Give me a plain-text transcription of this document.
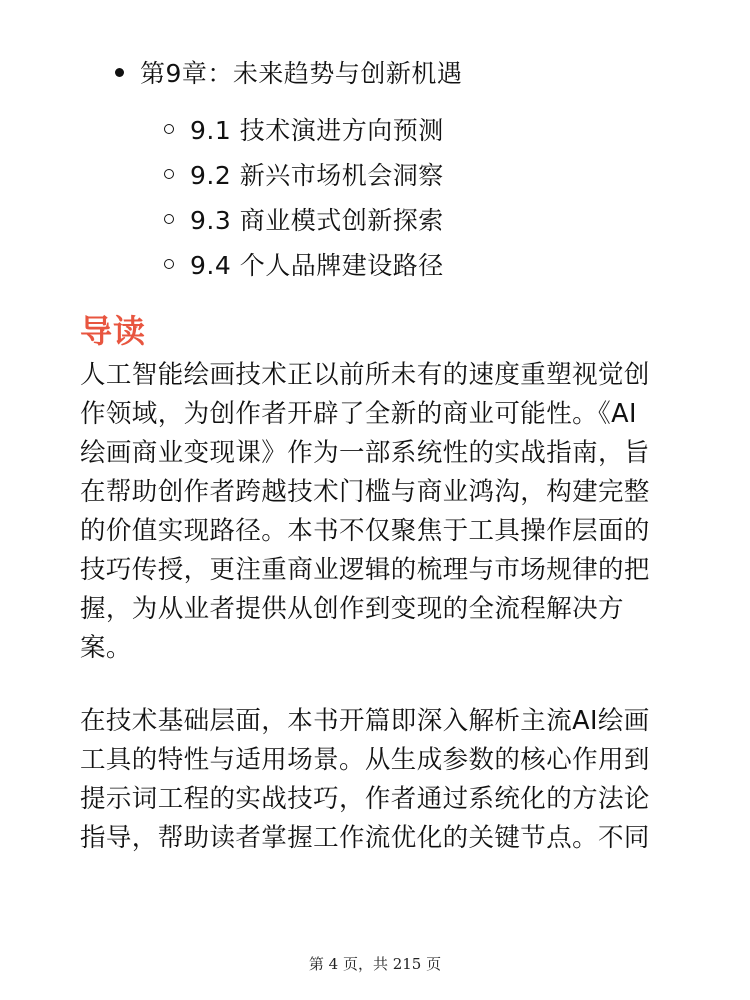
第9章：未来趋势与创新机遇
9.1 技术演进方向预测
9.2 新兴市场机会洞察
9.3 商业模式创新探索
9.4 个人品牌建设路径
导读

人工智能绘画技术正以前所未有的速度重塑视觉创
作领域，为创作者开辟了全新的商业可能性。《AI
绘画商业变现课》作为一部系统性的实战指南，旨
在帮助创作者跨越技术门槛与商业鸿沟，构建完整
的价值实现路径。本书不仅聚焦于工具操作层面的
技巧传授，更注重商业逻辑的梳理与市场规律的把
握，为从业者提供从创作到变现的全流程解决方
案。

在技术基础层面，本书开篇即深入解析主流AI绘画
工具的特性与适用场景。从生成参数的核心作用到
提示词工程的实战技巧，作者通过系统化的方法论
指导，帮助读者掌握工作流优化的关键节点。不同

第 4 页，共 215 页
